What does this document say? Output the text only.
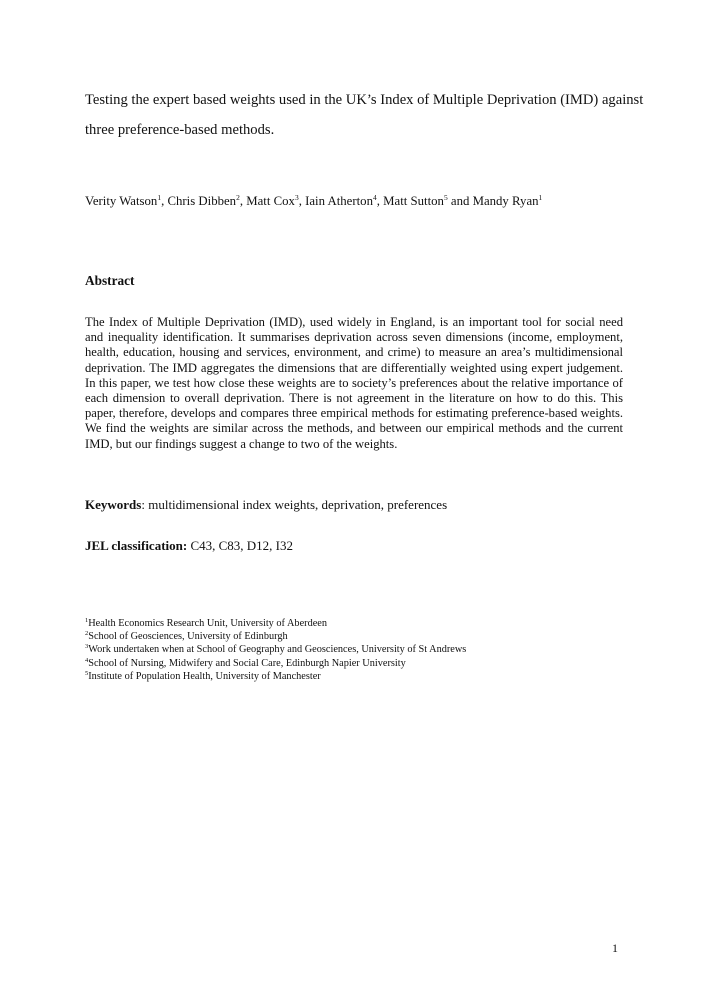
Testing the expert based weights used in the UK’s Index of Multiple Deprivation (IMD) against three preference-based methods.
Verity Watson$^1$, Chris Dibben$^2$, Matt Cox$^3$, Iain Atherton$^4$, Matt Sutton$^5$ and Mandy Ryan$^1$
Abstract

The Index of Multiple Deprivation (IMD), used widely in England, is an important tool for social need and inequality identification. It summarises deprivation across seven dimensions (income, employment, health, education, housing and services, environment, and crime) to measure an area’s multidimensional deprivation. The IMD aggregates the dimensions that are differentially weighted using expert judgement. In this paper, we test how close these weights are to society’s preferences about the relative importance of each dimension to overall deprivation. There is not agreement in the literature on how to do this. This paper, therefore, develops and compares three empirical methods for estimating preference-based weights. We find the weights are similar across the methods, and between our empirical methods and the current IMD, but our findings suggest a change to two of the weights.

Keywords: multidimensional index weights, deprivation, preferences

JEL classification: C43, C83, D12, I32

$^1$Health Economics Research Unit, University of Aberdeen
$^2$School of Geosciences, University of Edinburgh
$^3$Work undertaken when at School of Geography and Geosciences, University of St Andrews
$^4$School of Nursing, Midwifery and Social Care, Edinburgh Napier University
$^5$Institute of Population Health, University of Manchester
1
